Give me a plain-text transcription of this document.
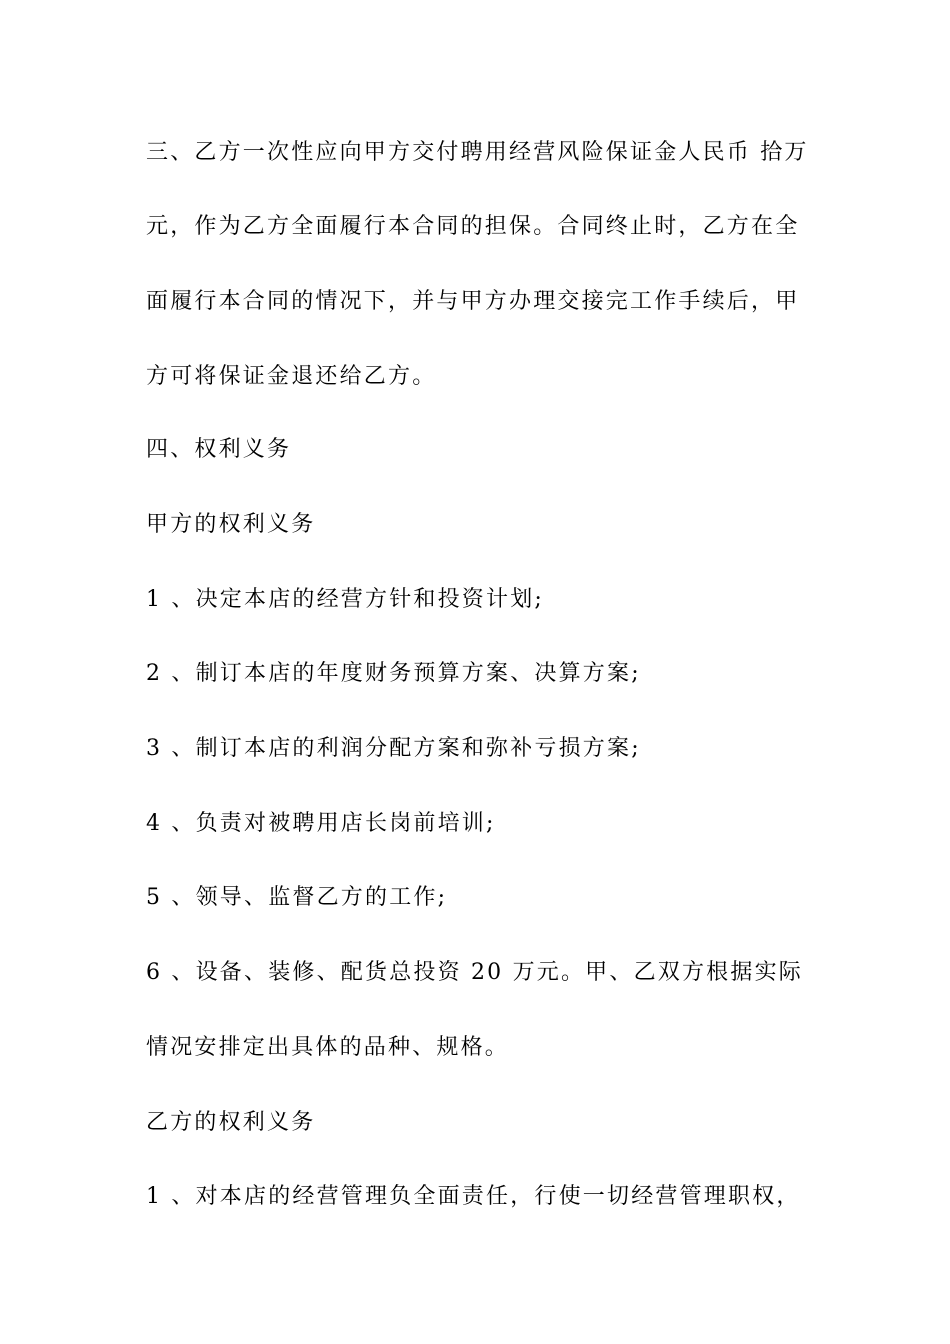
三、乙方一次性应向甲方交付聘用经营风险保证金人民币 拾万
元，作为乙方全面履行本合同的担保。合同终止时，乙方在全
面履行本合同的情况下，并与甲方办理交接完工作手续后，甲
方可将保证金退还给乙方。
四、权利义务
甲方的权利义务
1 、决定本店的经营方针和投资计划;
2 、制订本店的年度财务预算方案、决算方案;
3 、制订本店的利润分配方案和弥补亏损方案;
4 、负责对被聘用店长岗前培训;
5 、领导、监督乙方的工作;
6 、设备、装修、配货总投资 20 万元。甲、乙双方根据实际
情况安排定出具体的品种、规格。
乙方的权利义务
1 、对本店的经营管理负全面责任，行使一切经营管理职权，
